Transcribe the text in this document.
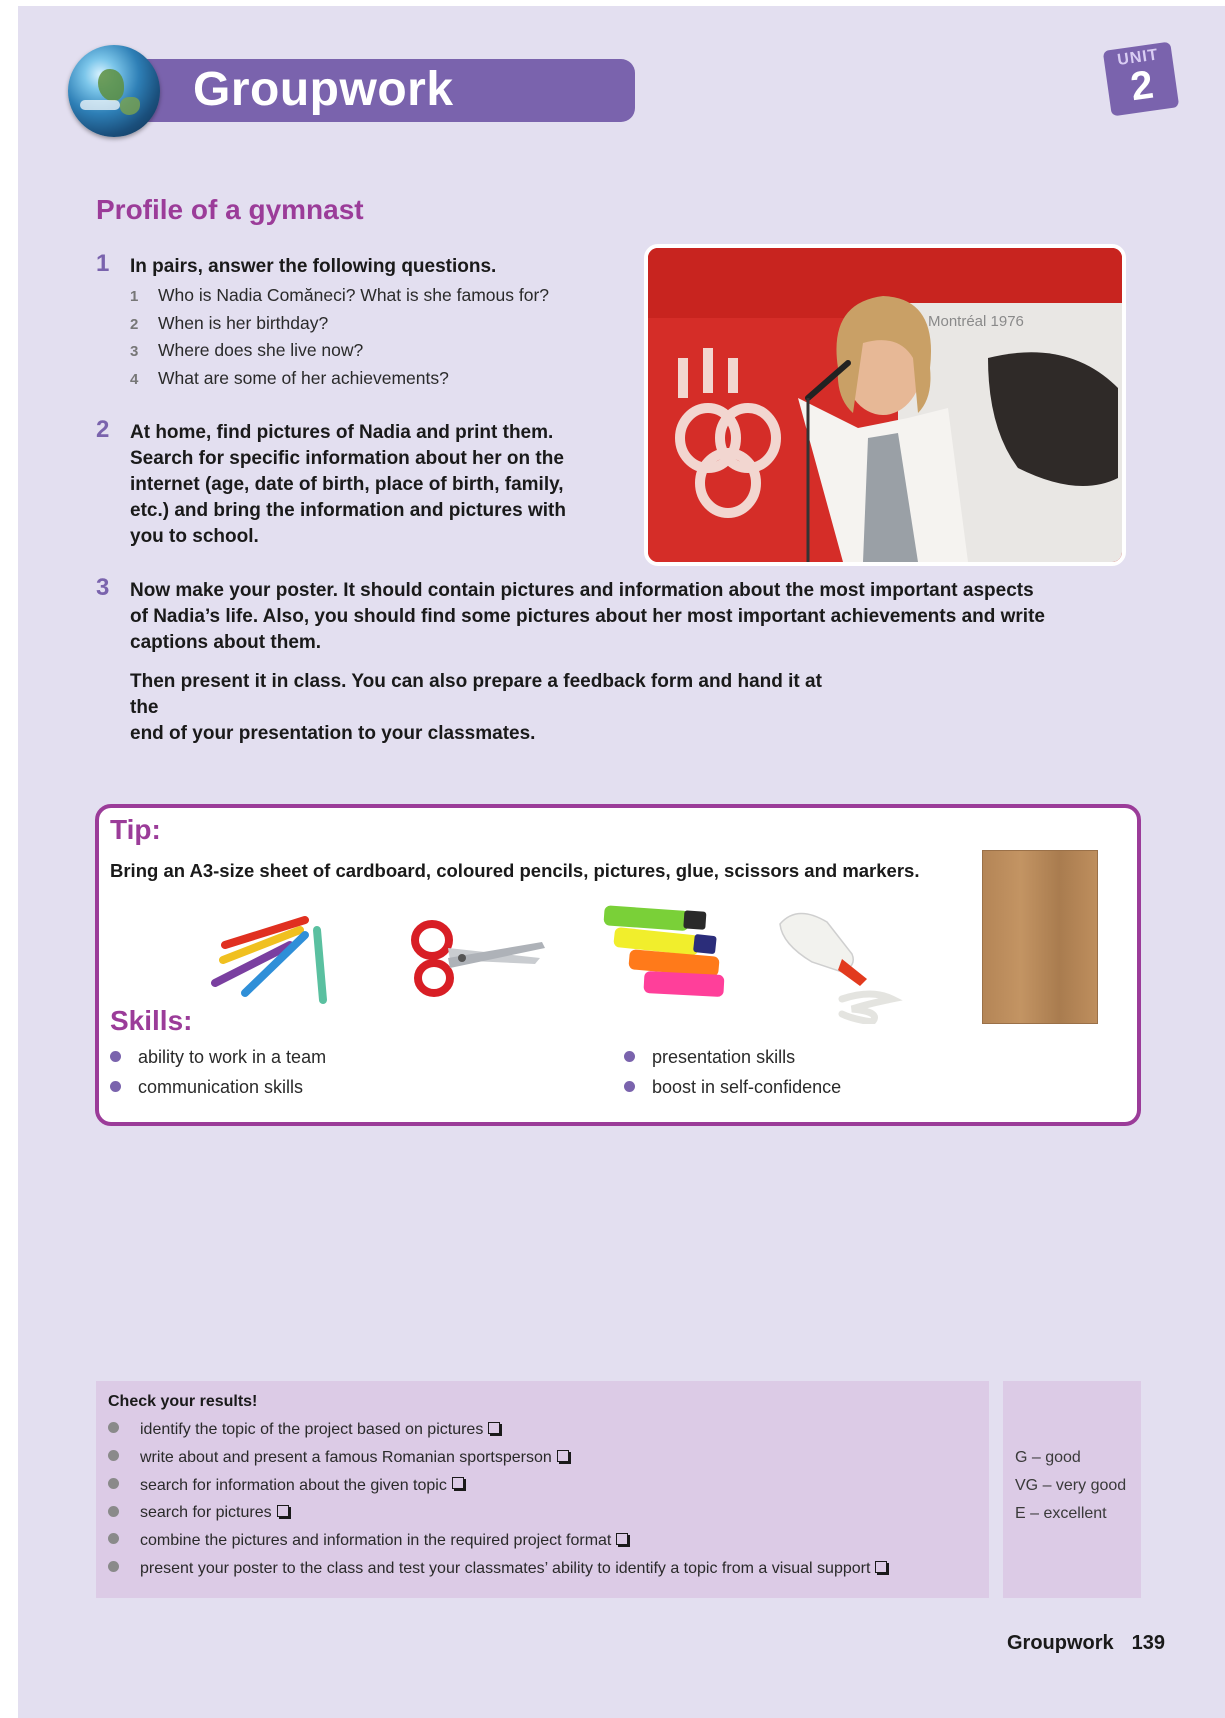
Groupwork
UNIT
2
Profile of a gymnast
1 In pairs, answer the following questions.
1 Who is Nadia Comăneci? What is she famous for?
2 When is her birthday?
3 Where does she live now?
4 What are some of her achievements?
2 At home, find pictures of Nadia and print them.
Search for specific information about her on the
internet (age, date of birth, place of birth, family,
etc.) and bring the information and pictures with
you to school.
Montréal 1976
3 Now make your poster. It should contain pictures and information about the most important aspects
of Nadia’s life. Also, you should find some pictures about her most important achievements and write
captions about them.
Then present it in class. You can also prepare a feedback form and hand it at the
end of your presentation to your classmates.
Tip:
Bring an A3-size sheet of cardboard, coloured pencils, pictures, glue, scissors and markers.
Skills:
ability to work in a team
communication skills
presentation skills
boost in self-confidence
Check your results!
identify the topic of the project based on pictures
write about and present a famous Romanian sportsperson
search for information about the given topic
search for pictures
combine the pictures and information in the required project format
present your poster to the class and test your classmates’ ability to identify a topic from a visual support
G – good
VG – very good
E – excellent
Groupwork 139
